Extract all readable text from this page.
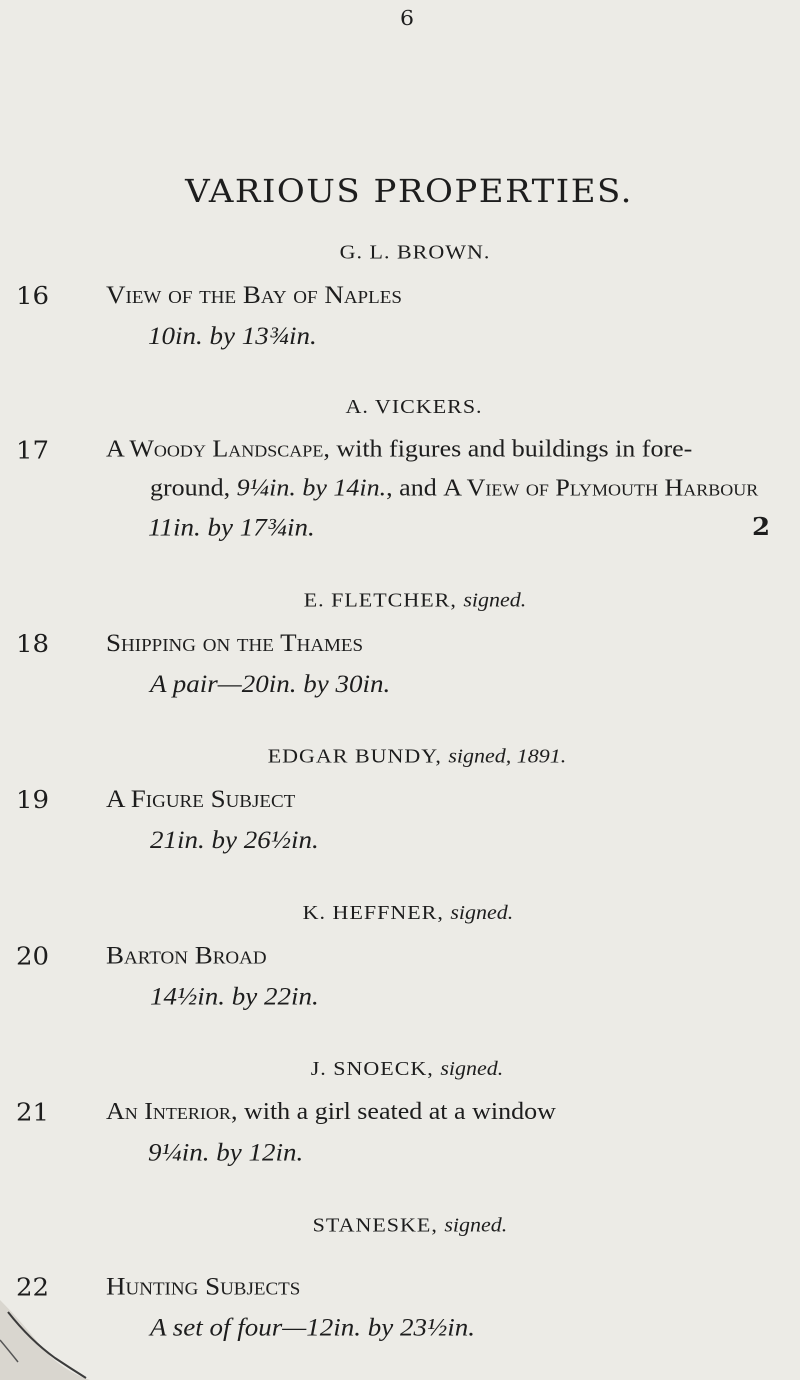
6
VARIOUS PROPERTIES.
G. L. BROWN.
16 View of the Bay of Naples
10in. by 13¾in.
A. VICKERS.
17 A Woody Landscape, with figures and buildings in fore-
ground, 9¼in. by 14in., and A View of Plymouth Harbour
11in. by 17¾in.	2
E. FLETCHER, signed.
18 Shipping on the Thames
A pair—20in. by 30in.
EDGAR BUNDY, signed, 1891.
19 A Figure Subject
21in. by 26½in.
K. HEFFNER, signed.
20 Barton Broad
14½in. by 22in.
J. SNOECK, signed.
21 An Interior, with a girl seated at a window
9¼in. by 12in.
STANESKE, signed.
22 Hunting Subjects
A set of four—12in. by 23½in.
